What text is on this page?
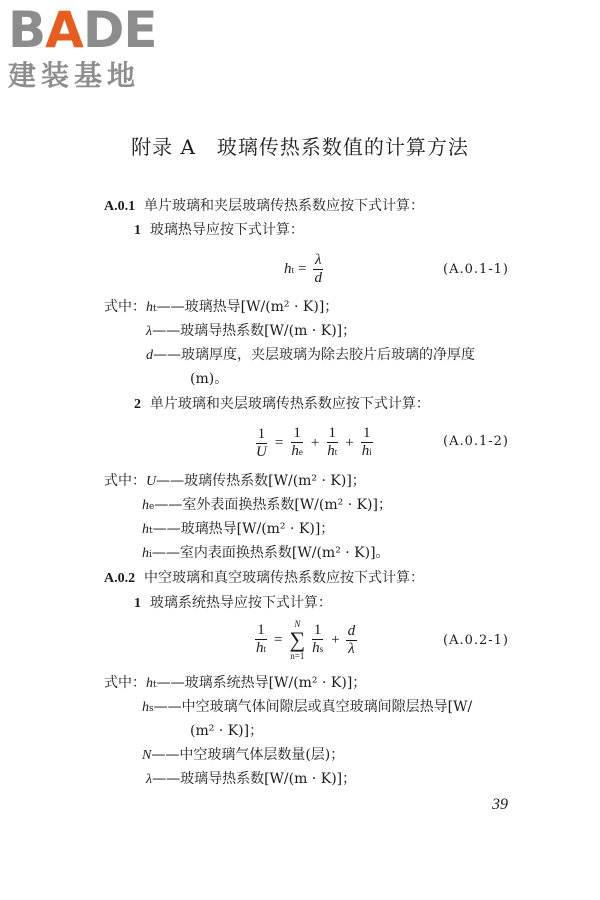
BADE
建装基地
附录 A　玻璃传热系数值的计算方法
A.0.1 单片玻璃和夹层玻璃传热系数应按下式计算：
1 玻璃热导应按下式计算：
h $t = \frac{\lambda}{d}$	(A.0.1-1)
式中：ht——玻璃热导[W/(m² · K)]；
λ——玻璃导热系数[W/(m · K)]；
d——玻璃厚度，夹层玻璃为除去胶片后玻璃的净厚度
(m)。
2 单片玻璃和夹层玻璃传热系数应按下式计算：
$\frac{1}{U} = \frac{1}{he} + \frac{1}{ht} + \frac{1}{hi}$	(A.0.1-2)
式中：U——玻璃传热系数[W/(m² · K)]；
he——室外表面换热系数[W/(m² · K)]；
ht——玻璃热导[W/(m² · K)]；
hi——室内表面换热系数[W/(m² · K)]。
A.0.2 中空玻璃和真空玻璃传热系数应按下式计算：
1 玻璃系统热导应按下式计算：
$\frac{1}{ht}$ =
N
∑
$n=1 \frac{1}{hs} + \frac{d}{\lambda}$	(A.0.2-1)
式中：ht——玻璃系统热导[W/(m² · K)]；
hs——中空玻璃气体间隙层或真空玻璃间隙层热导[W/
(m² · K)]；
N——中空玻璃气体层数量(层)；
λ——玻璃导热系数[W/(m · K)]；
39
